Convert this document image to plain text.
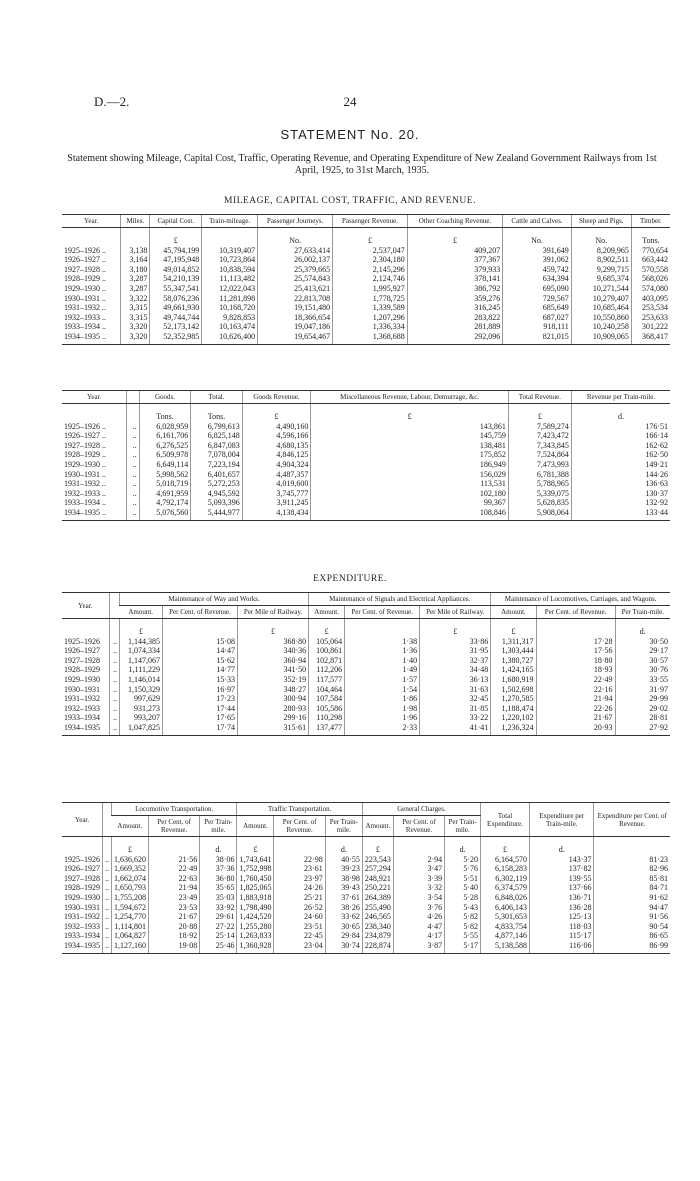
D.—2.	24
STATEMENT No. 20.
Statement showing Mileage, Capital Cost, Traffic, Operating Revenue, and Operating Expenditure of New Zealand Government Railways from 1st April, 1925, to 31st March, 1935.
MILEAGE, CAPITAL COST, TRAFFIC, AND REVENUE.
Year.	Miles.	Capital Cost.	Train-mileage.	Passenger Journeys.	Passenger Revenue.	Other Coaching Revenue.	Cattle and Calves.	Sheep and Pigs.	Timber.
		£		No.	£	£	No.	No.	Tons.
1925–1926 ..	3,138	45,794,199	10,319,407	27,633,414	2,537,047	409,207	391,649	8,209,965	770,654
1926–1927 ..	3,164	47,195,948	10,723,864	26,002,137	2,304,180	377,367	391,062	8,902,511	663,442
1927–1928 ..	3,180	49,014,852	10,838,594	25,379,665	2,145,296	379,933	459,742	9,299,715	570,558
1928–1929 ..	3,287	54,210,139	11,113,482	25,574,843	2,124,746	378,141	634,394	9,685,374	568,026
1929–1930 ..	3,287	55,347,541	12,022,043	25,413,621	1,995,927	386,792	695,090	10,271,544	574,080
1930–1931 ..	3,322	58,076,236	11,281,898	22,813,708	1,778,725	359,276	729,567	10,279,407	403,095
1931–1932 ..	3,315	49,661,930	10,168,720	19,151,480	1,339,589	316,245	685,649	10,685,464	253,534
1932–1933 ..	3,315	49,744,744	9,828,853	18,366,654	1,207,296	283,822	687,027	10,550,860	253,633
1933–1934 ..	3,320	52,173,142	10,163,474	19,047,186	1,336,334	281,889	918,111	10,240,258	301,222
1934–1935 ..	3,320	52,352,985	10,626,400	19,654,467	1,368,688	292,096	821,015	10,909,065	368,417
Year.		Goods.	Total.	Goods Revenue.	Miscellaneous Revenue, Labour, Demurrage, &c.	Total Revenue.	Revenue per Train-mile.
		Tons.	Tons.	£	£	£	d.
1925–1926 ..	..	6,028,959	6,799,613	4,490,160	143,861	7,589,274	176·51
1926–1927 ..	..	6,161,706	6,825,148	4,596,166	145,759	7,423,472	166·14
1927–1928 ..	..	6,276,525	6,847,083	4,680,135	138,481	7,343,845	162·62
1928–1929 ..	..	6,509,978	7,078,004	4,846,125	175,852	7,524,864	162·50
1929–1930 ..	..	6,649,114	7,223,194	4,904,324	186,949	7,473,993	149·21
1930–1931 ..	..	5,998,562	6,401,657	4,487,357	156,029	6,781,388	144·26
1931–1932 ..	..	5,018,719	5,272,253	4,019,600	113,531	5,788,965	136·63
1932–1933 ..	..	4,691,959	4,945,592	3,745,777	102,180	5,339,075	130·37
1933–1934 ..	..	4,792,174	5,093,396	3,911,245	99,367	5,628,835	132·92
1934–1935 ..	..	5,076,560	5,444,977	4,138,434	108,846	5,908,064	133·44
EXPENDITURE.
Year.		Maintenance of Way and Works.			Maintenance of Signals and Electrical Appliances.			Maintenance of Locomotives, Carriages, and Wagons.		
		Amount.	Per Cent. of Revenue.	Per Mile of Railway.	Amount.	Per Cent. of Revenue.	Per Mile of Railway.	Amount.	Per Cent. of Revenue.	Per Train-mile.
		£		£	£		£	£		d.
1925–1926	..	1,144,385	15·08	368·80	105,064	1·38	33·86	1,311,317	17·28	30·50
1926–1927	..	1,074,334	14·47	340·36	100,861	1·36	31·95	1,303,444	17·56	29·17
1927–1928	..	1,147,067	15·62	360·94	102,871	1·40	32·37	1,380,727	18·80	30·57
1928–1929	..	1,111,229	14·77	341·50	112,206	1·49	34·48	1,424,165	18·93	30·76
1929–1930	..	1,146,014	15·33	352·19	117,577	1·57	36·13	1,680,919	22·49	33·55
1930–1931	..	1,150,329	16·97	348·27	104,464	1·54	31·63	1,502,698	22·16	31·97
1931–1932	..	997,629	17·23	300·94	107,584	1·86	32·45	1,270,585	21·94	29·99
1932–1933	..	931,273	17·44	280·93	105,586	1·98	31·85	1,188,474	22·26	29·02
1933–1934	..	993,207	17·65	299·16	110,298	1·96	33·22	1,220,102	21·67	28·81
1934–1935	..	1,047,825	17·74	315·61	137,477	2·33	41·41	1,236,324	20·93	27·92
Year.		Locomotive Transportation.			Traffic Transportation.			General Charges.			Total Expenditure.	Expenditure per Train-mile.	Expenditure per Cent. of Revenue.
		Amount.	Per Cent. of Revenue.	Per Train-mile.	Amount.	Per Cent. of Revenue.	Per Train-mile.	Amount.	Per Cent. of Revenue.	Per Train-mile.			
		£		d.	£		d.	£		d.	£	d.	
1925–1926	..	1,636,620	21·56	38·06	1,743,641	22·98	40·55	223,543	2·94	5·20	6,164,570	143·37	81·23
1926–1927	..	1,669,352	22·49	37·36	1,752,998	23·61	39·23	257,294	3·47	5·76	6,158,283	137·82	82·96
1927–1928	..	1,662,074	22·63	36·80	1,760,450	23·97	38·98	248,921	3·39	5·51	6,302,119	139·55	85·81
1928–1929	..	1,650,793	21·94	35·65	1,825,065	24·26	39·43	250,221	3·32	5·40	6,374,579	137·66	84·71
1929–1930	..	1,755,208	23·49	35·03	1,883,918	25·21	37·61	264,389	3·54	5·28	6,848,026	136·71	91·62
1930–1931	..	1,594,672	23·53	33·92	1,798,490	26·52	38·26	255,490	3·76	5·43	6,406,143	136·28	94·47
1931–1932	..	1,254,770	21·67	29·61	1,424,520	24·60	33·62	246,565	4·26	5·82	5,301,653	125·13	91·56
1932–1933	..	1,114,801	20·88	27·22	1,255,280	23·51	30·65	238,340	4·47	5·82	4,833,754	118·03	90·54
1933–1934	..	1,064,827	18·92	25·14	1,263,833	22·45	29·84	234,879	4·17	5·55	4,877,146	115·17	86·65
1934–1935	..	1,127,160	19·08	25·46	1,360,928	23·04	30·74	228,874	3·87	5·17	5,138,588	116·06	86·99
